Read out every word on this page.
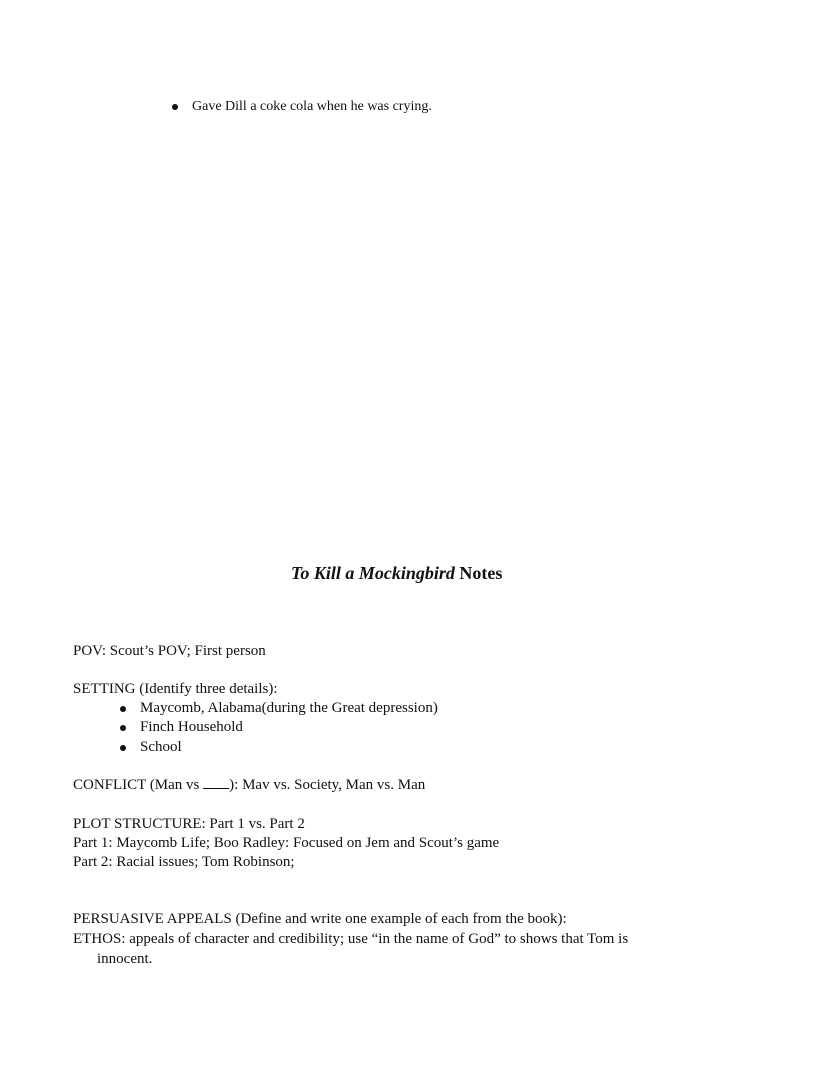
Gave Dill a coke cola when he was crying.
To Kill a Mockingbird Notes
POV: Scout’s POV; First person
SETTING (Identify three details):
Maycomb, Alabama(during the Great depression)
Finch Household
School
CONFLICT (Man vs ): Mav vs. Society, Man vs. Man
PLOT STRUCTURE: Part 1 vs. Part 2
Part 1: Maycomb Life; Boo Radley: Focused on Jem and Scout’s game
Part 2: Racial issues; Tom Robinson;
PERSUASIVE APPEALS (Define and write one example of each from the book):
ETHOS: appeals of character and credibility; use “in the name of God” to shows that Tom is
innocent.
